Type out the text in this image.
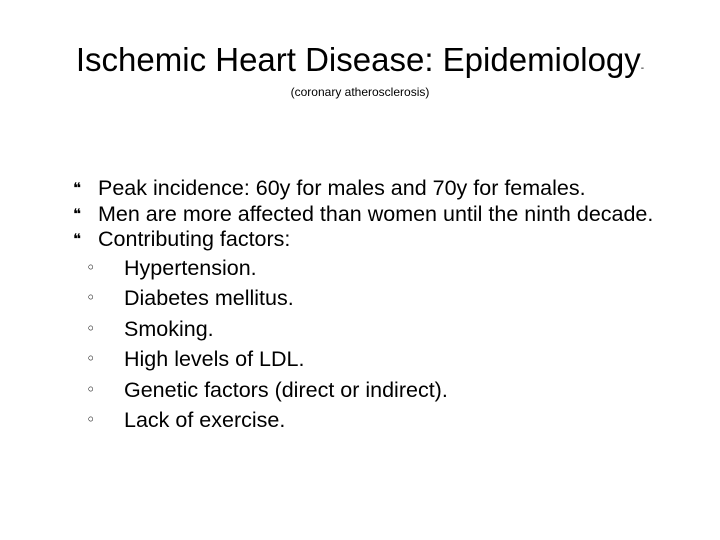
Ischemic Heart Disease: Epidemiology-
(coronary atherosclerosis)
❝ Peak incidence: 60y for males and 70y for females.
❝ Men are more affected than women until the ninth decade.
❝ Contributing factors:
◦ Hypertension.
◦ Diabetes mellitus.
◦ Smoking.
◦ High levels of LDL.
◦ Genetic factors (direct or indirect).
◦ Lack of exercise.
